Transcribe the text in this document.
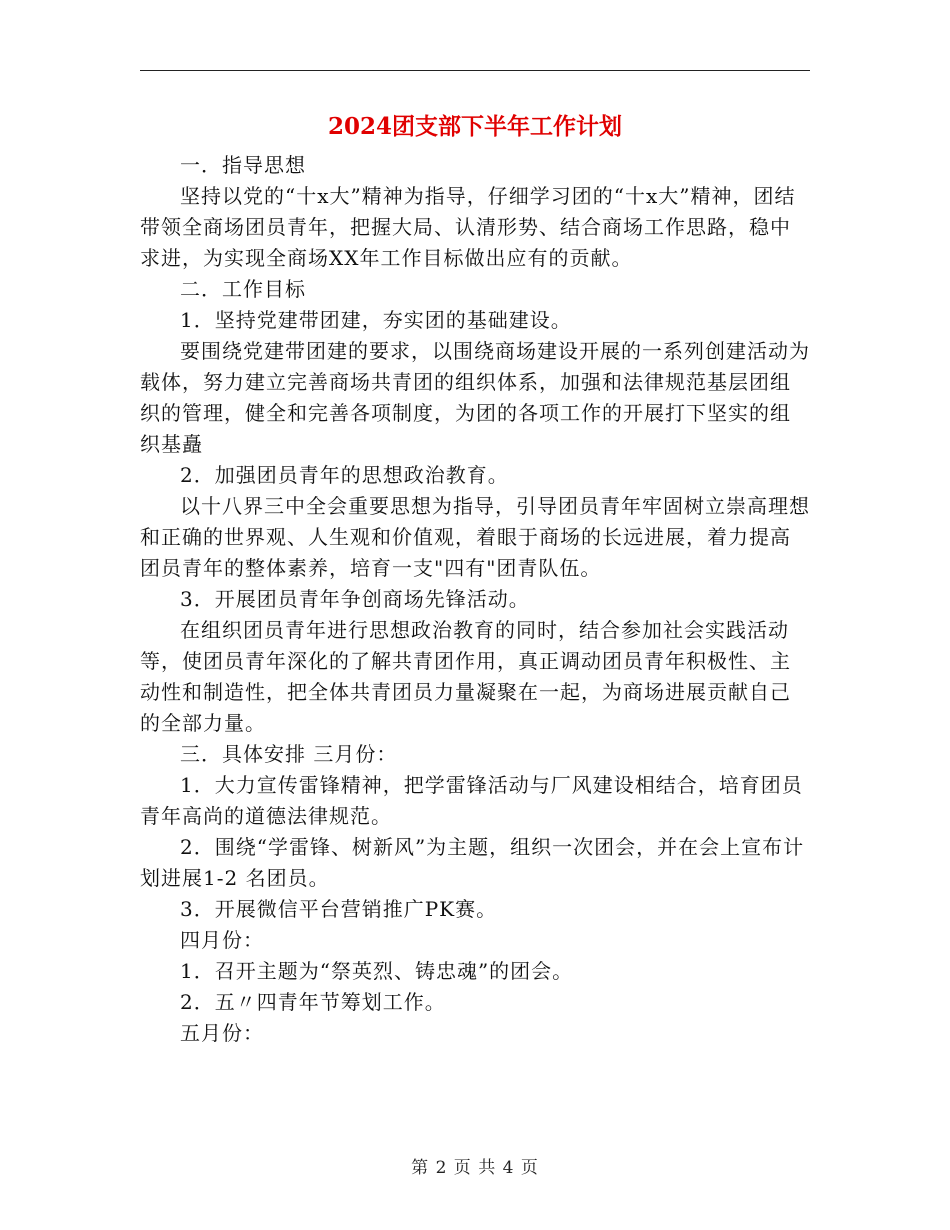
2024团支部下半年工作计划

一．指导思想

坚持以党的“十x大”精神为指导，仔细学习团的“十x大”精神，团结带领全商场团员青年，把握大局、认清形势、结合商场工作思路，稳中求进，为实现全商场XX年工作目标做出应有的贡献。

二．工作目标

1．坚持党建带团建，夯实团的基础建设。

要围绕党建带团建的要求，以围绕商场建设开展的一系列创建活动为载体，努力建立完善商场共青团的组织体系，加强和法律规范基层团组织的管理，健全和完善各项制度，为团的各项工作的开展打下坚实的组织基矗

2．加强团员青年的思想政治教育。

以十八界三中全会重要思想为指导，引导团员青年牢固树立崇高理想和正确的世界观、人生观和价值观，着眼于商场的长远进展，着力提高团员青年的整体素养，培育一支"四有"团青队伍。

3．开展团员青年争创商场先锋活动。

在组织团员青年进行思想政治教育的同时，结合参加社会实践活动等，使团员青年深化的了解共青团作用，真正调动团员青年积极性、主动性和制造性，把全体共青团员力量凝聚在一起，为商场进展贡献自己的全部力量。

三．具体安排 三月份：

1．大力宣传雷锋精神，把学雷锋活动与厂风建设相结合，培育团员青年高尚的道德法律规范。

2．围绕“学雷锋、树新风”为主题，组织一次团会，并在会上宣布计划进展1-2 名团员。

3．开展微信平台营销推广PK赛。

四月份：

1．召开主题为“祭英烈、铸忠魂”的团会。

2．五〃四青年节筹划工作。

五月份：

第 2 页 共 4 页
